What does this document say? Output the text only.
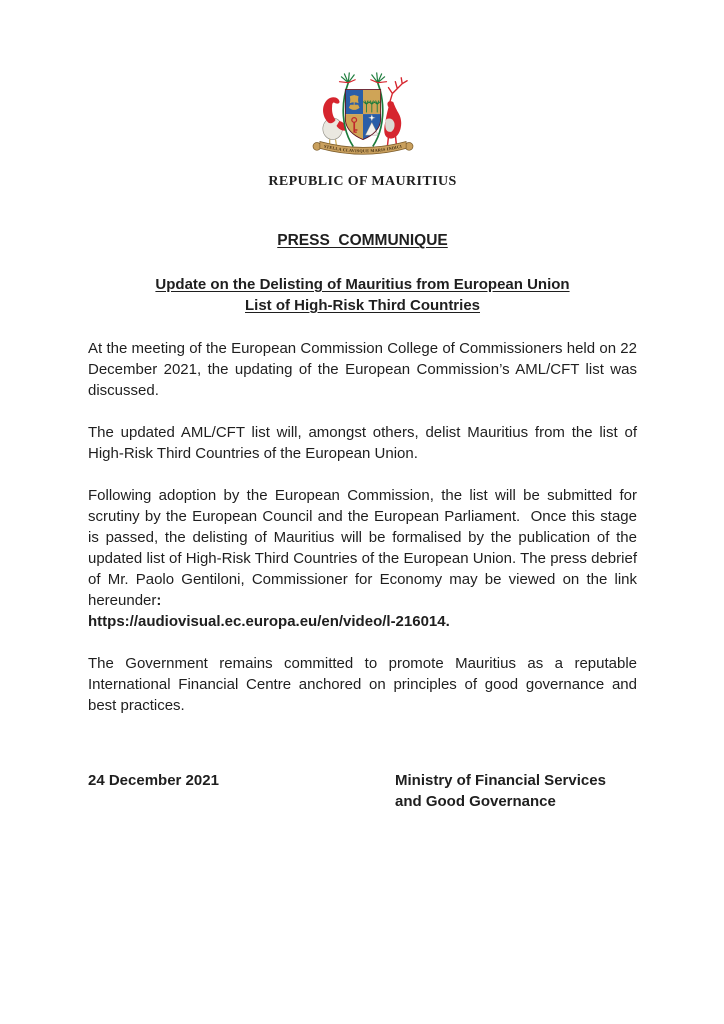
STELLA CLAVISQUE MARIS INDICI
REPUBLIC OF MAURITIUS
PRESS  COMMUNIQUE
Update on the Delisting of Mauritius from European Union
List of High-Risk Third Countries

At the meeting of the European Commission College of Commissioners held on 22 December 2021, the updating of the European Commission’s AML/CFT list was discussed.

The updated AML/CFT list will, amongst others, delist Mauritius from the list of High-Risk Third Countries of the European Union.

Following adoption by the European Commission, the list will be submitted for scrutiny by the European Council and the European Parliament.  Once this stage is passed, the delisting of Mauritius will be formalised by the publication of the updated list of High-Risk Third Countries of the European Union. The press debrief of Mr. Paolo Gentiloni, Commissioner for Economy may be viewed on the link hereunder:
https://audiovisual.ec.europa.eu/en/video/l-216014.

The Government remains committed to promote Mauritius as a reputable International Financial Centre anchored on principles of good governance and best practices.

24 December 2021	Ministry of Financial Services
and Good Governance
